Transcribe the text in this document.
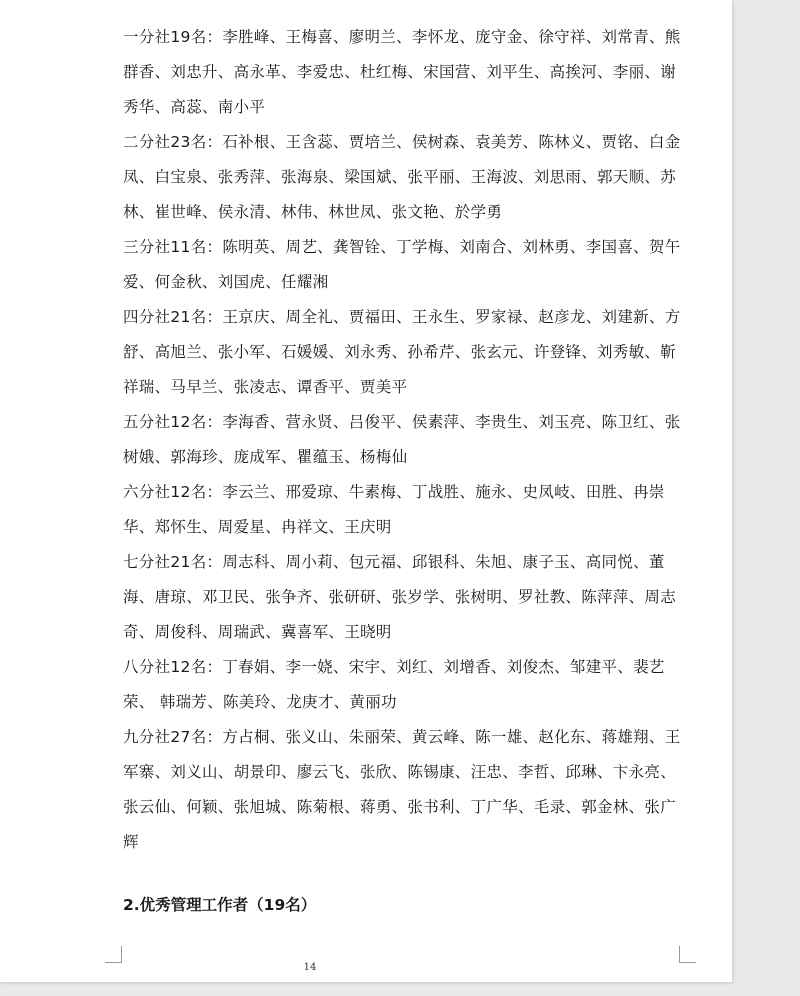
一分社19名：李胜峰、王梅喜、廖明兰、李怀龙、庞守金、徐守祥、刘常青、熊群香、刘忠升、高永革、李爱忠、杜红梅、宋国营、刘平生、高挨河、李丽、谢秀华、高蕊、南小平

二分社23名：石补根、王含蕊、贾培兰、侯树森、袁美芳、陈林义、贾铭、白金凤、白宝泉、张秀萍、张海泉、梁国斌、张平丽、王海波、刘思雨、郭天顺、苏林、崔世峰、侯永清、林伟、林世凤、张文艳、於学勇

三分社11名：陈明英、周艺、龚智铨、丁学梅、刘南合、刘林勇、李国喜、贺午爱、何金秋、刘国虎、任耀湘

四分社21名：王京庆、周全礼、贾福田、王永生、罗家禄、赵彦龙、刘建新、方舒、高旭兰、张小军、石媛媛、刘永秀、孙希芹、张玄元、许登锋、刘秀敏、靳祥瑞、马早兰、张凌志、谭香平、贾美平

五分社12名：李海香、营永贤、吕俊平、侯素萍、李贵生、刘玉亮、陈卫红、张树娥、郭海珍、庞成军、瞿蕴玉、杨梅仙

六分社12名：李云兰、邢爱琼、牛素梅、丁战胜、施永、史凤岐、田胜、冉崇华、郑怀生、周爱星、冉祥文、王庆明

七分社21名：周志科、周小莉、包元福、邱银科、朱旭、康子玉、高同悦、董海、唐琼、邓卫民、张争齐、张研研、张岁学、张树明、罗社教、陈萍萍、周志奇、周俊科、周瑞武、冀喜军、王晓明

八分社12名：丁春娟、李一娆、宋宇、刘红、刘增香、刘俊杰、邹建平、裴艺荣、 韩瑞芳、陈美玲、龙庚才、黄丽功

九分社27名：方占桐、张义山、朱丽荣、黄云峰、陈一雄、赵化东、蒋雄翔、王军寨、刘义山、胡景印、廖云飞、张欣、陈锡康、汪忠、李哲、邱琳、卞永亮、张云仙、何颖、张旭城、陈菊根、蒋勇、张书利、丁广华、毛录、郭金林、张广辉

2.优秀管理工作者（19名）
14
